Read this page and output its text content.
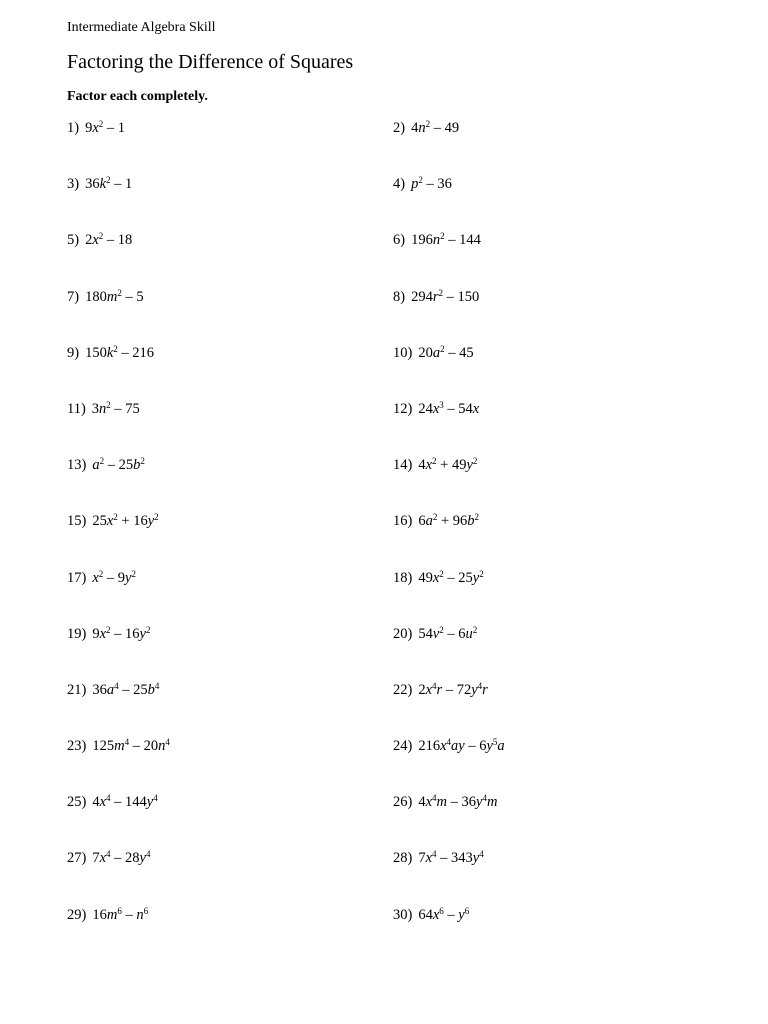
Intermediate Algebra Skill
Factoring the Difference of Squares
Factor each completely.
1) $9x^2 - 1$	2) $4n^2 - 49$
3) $36k^2 - 1$	4) $p^2 - 36$
5) $2x^2 - 18$	6) $196n^2 - 144$
7) $180m^2 - 5$	8) $294r^2 - 150$
9) $150k^2 - 216$	10) $20a^2 - 45$
11) $3n^2 - 75$	12) $24x^3 - 54x$
13) $a^2 - 25b^2$	14) $4x^2 + 49y^2$
15) $25x^2 + 16y^2$	16) $6a^2 + 96b^2$
17) $x^2 - 9y^2$	18) $49x^2 - 25y^2$
19) $9x^2 - 16y^2$	20) $54v^2 - 6u^2$
21) $36a^4 - 25b^4$	22) $2x^4r - 72y^4r$
23) $125m^4 - 20n^4$	24) $216x^4ay - 6y^5a$
25) $4x^4 - 144y^4$	26) $4x^4m - 36y^4m$
27) $7x^4 - 28y^4$	28) $7x^4 - 343y^4$
29) $16m^6 - n^6$	30) $64x^6 - y^6$
